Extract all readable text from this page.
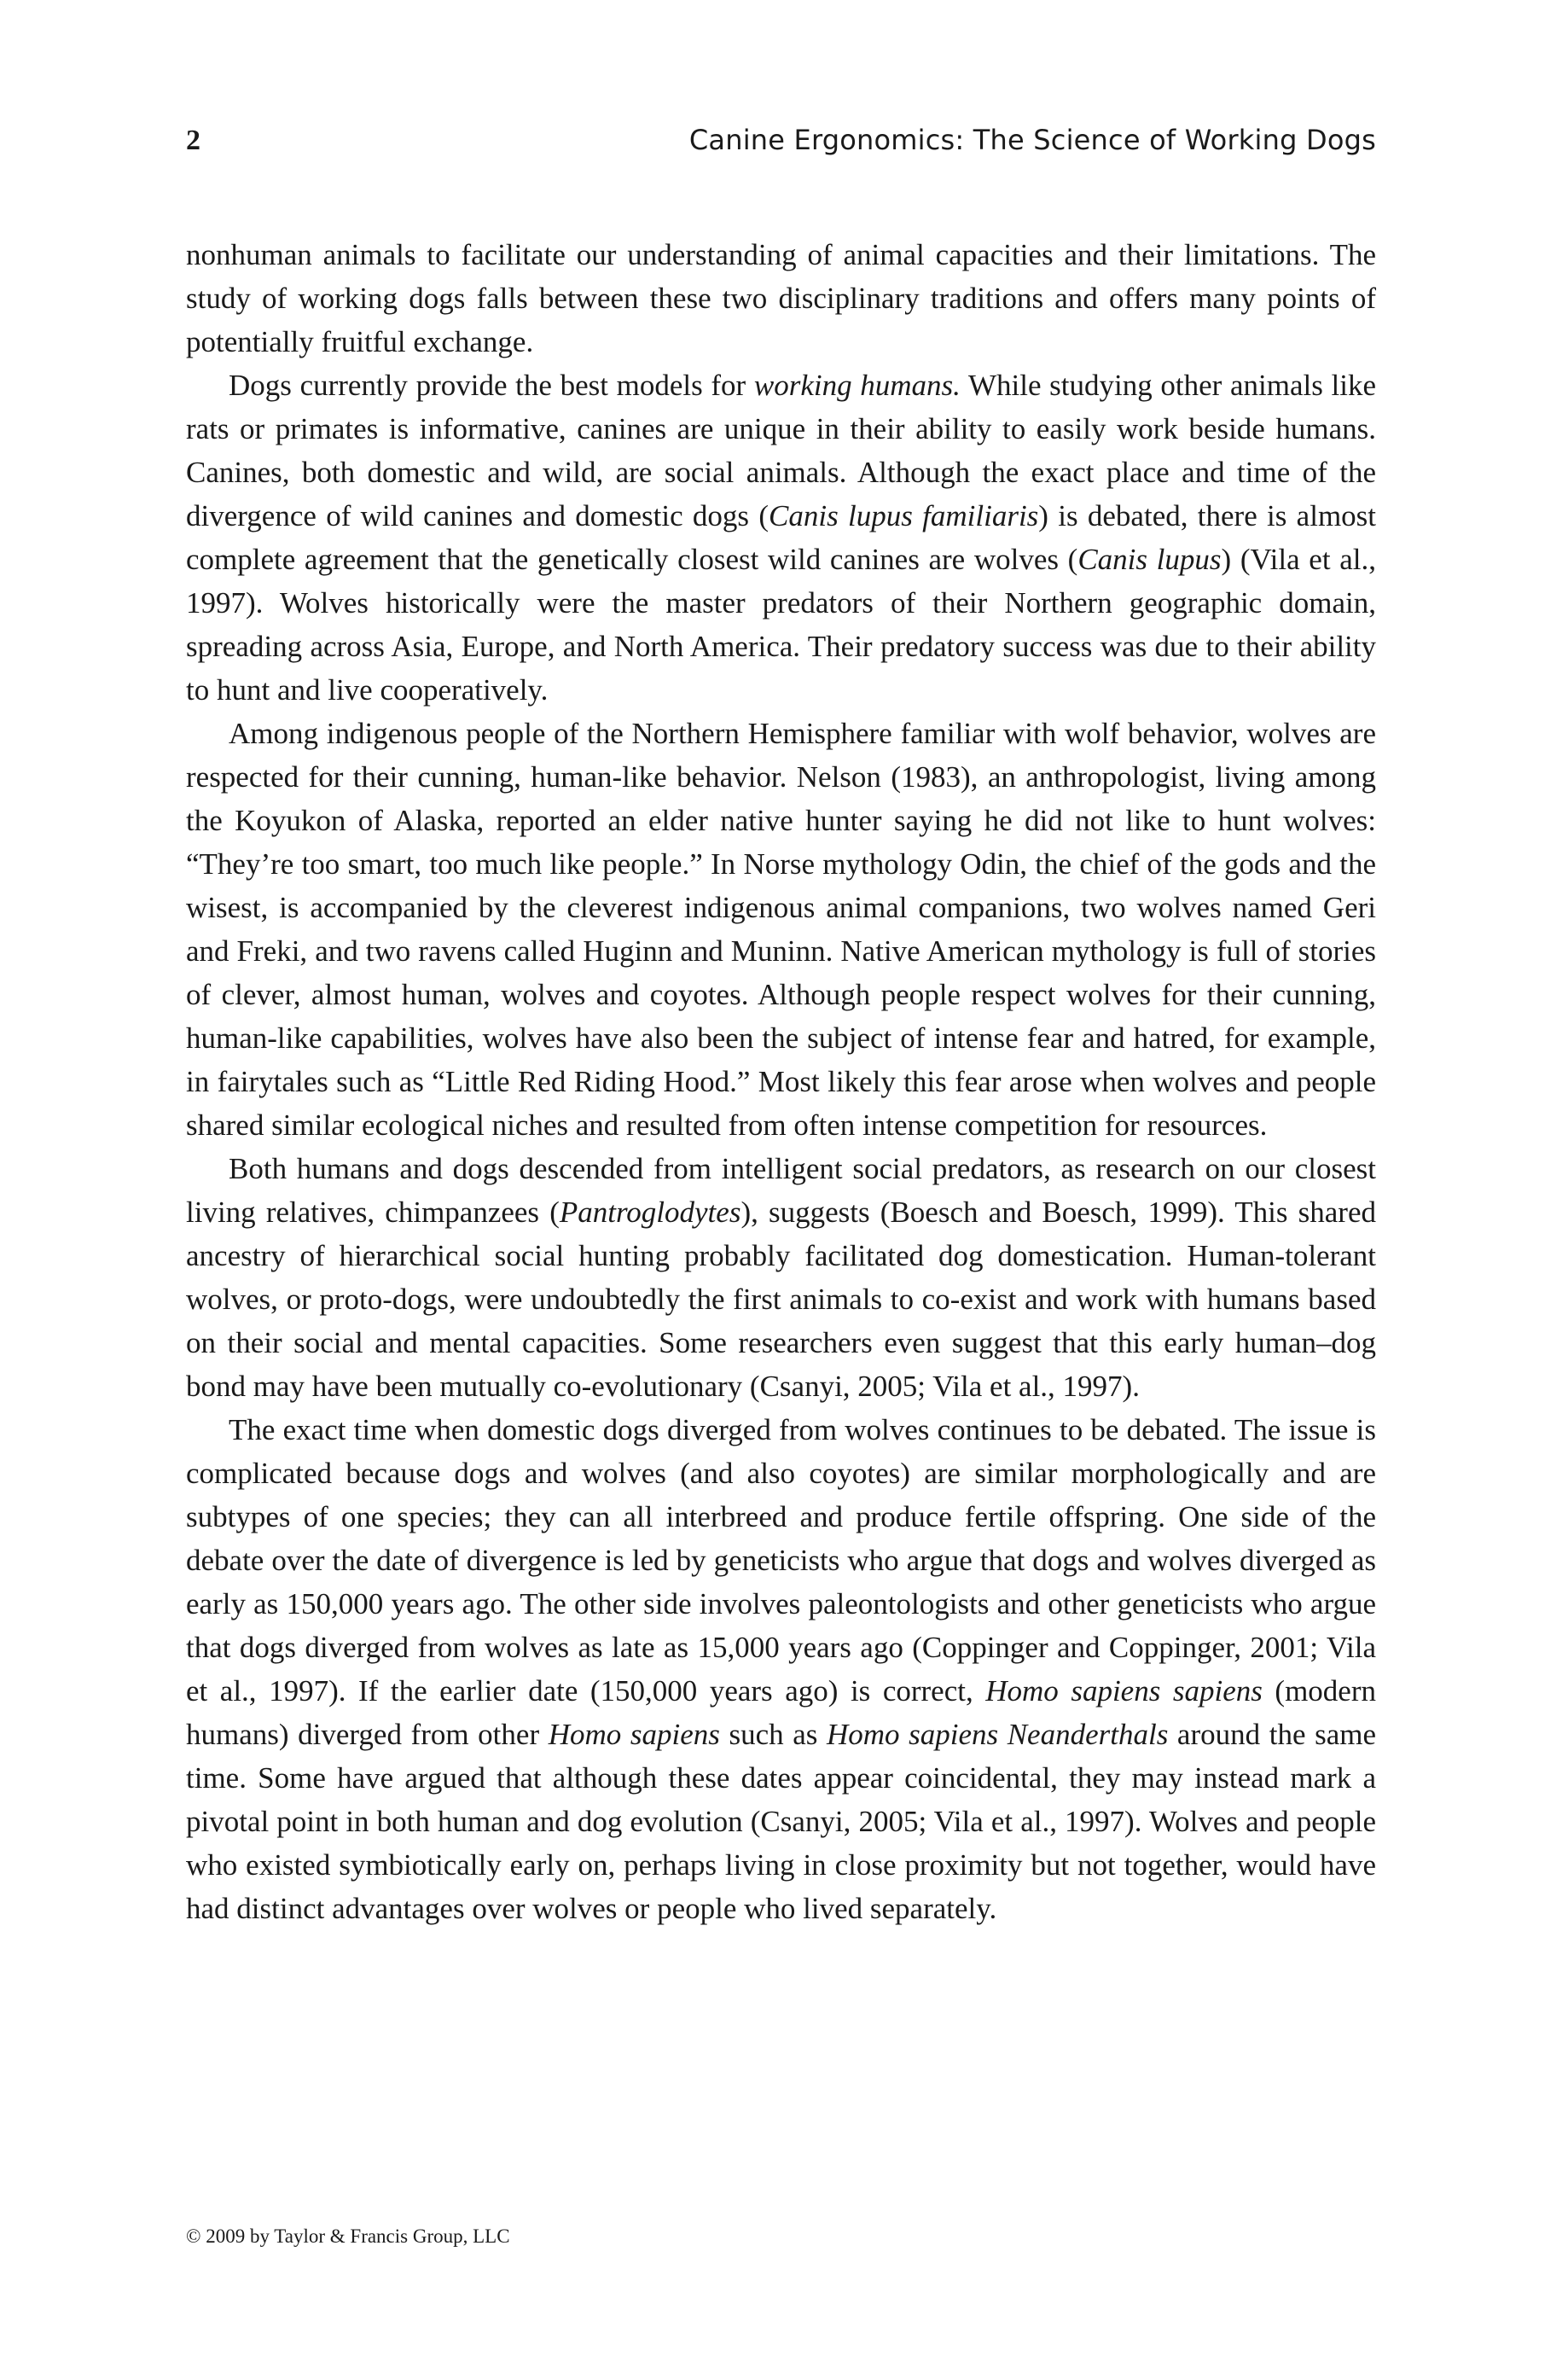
2	Canine Ergonomics: The Science of Working Dogs

nonhuman animals to facilitate our understanding of animal capacities and their limitations. The study of working dogs falls between these two disciplinary traditions and offers many points of potentially fruitful exchange.

Dogs currently provide the best models for working humans. While studying other animals like rats or primates is informative, canines are unique in their ability to easily work beside humans. Canines, both domestic and wild, are social animals. Although the exact place and time of the divergence of wild canines and domestic dogs (Canis lupus familiaris) is debated, there is almost complete agreement that the genetically closest wild canines are wolves (Canis lupus) (Vila et al., 1997). Wolves historically were the master predators of their Northern geographic domain, spreading across Asia, Europe, and North America. Their predatory success was due to their ability to hunt and live cooperatively.

Among indigenous people of the Northern Hemisphere familiar with wolf behavior, wolves are respected for their cunning, human-like behavior. Nelson (1983), an anthropologist, living among the Koyukon of Alaska, reported an elder native hunter saying he did not like to hunt wolves: “They’re too smart, too much like people.” In Norse mythology Odin, the chief of the gods and the wisest, is accompanied by the cleverest indigenous animal companions, two wolves named Geri and Freki, and two ravens called Huginn and Muninn. Native American mythology is full of stories of clever, almost human, wolves and coyotes. Although people respect wolves for their cunning, human-like capabilities, wolves have also been the subject of intense fear and hatred, for example, in fairytales such as “Little Red Riding Hood.” Most likely this fear arose when wolves and people shared similar ecological niches and resulted from often intense competition for resources.

Both humans and dogs descended from intelligent social predators, as research on our closest living relatives, chimpanzees (Pantroglodytes), suggests (Boesch and Boesch, 1999). This shared ancestry of hierarchical social hunting probably facilitated dog domestication. Human-tolerant wolves, or proto-dogs, were undoubtedly the first animals to co-exist and work with humans based on their social and mental capacities. Some researchers even suggest that this early human–dog bond may have been mutually co-evolutionary (Csanyi, 2005; Vila et al., 1997).

The exact time when domestic dogs diverged from wolves continues to be debated. The issue is complicated because dogs and wolves (and also coyotes) are similar morphologically and are subtypes of one species; they can all interbreed and produce fertile offspring. One side of the debate over the date of divergence is led by geneticists who argue that dogs and wolves diverged as early as 150,000 years ago. The other side involves paleontologists and other geneticists who argue that dogs diverged from wolves as late as 15,000 years ago (Coppinger and Coppinger, 2001; Vila et al., 1997). If the earlier date (150,000 years ago) is correct, Homo sapiens sapiens (modern humans) diverged from other Homo sapiens such as Homo sapiens Neanderthals around the same time. Some have argued that although these dates appear coincidental, they may instead mark a pivotal point in both human and dog evolution (Csanyi, 2005; Vila et al., 1997). Wolves and people who existed symbiotically early on, perhaps living in close proximity but not together, would have had distinct advantages over wolves or people who lived separately.

© 2009 by Taylor & Francis Group, LLC
